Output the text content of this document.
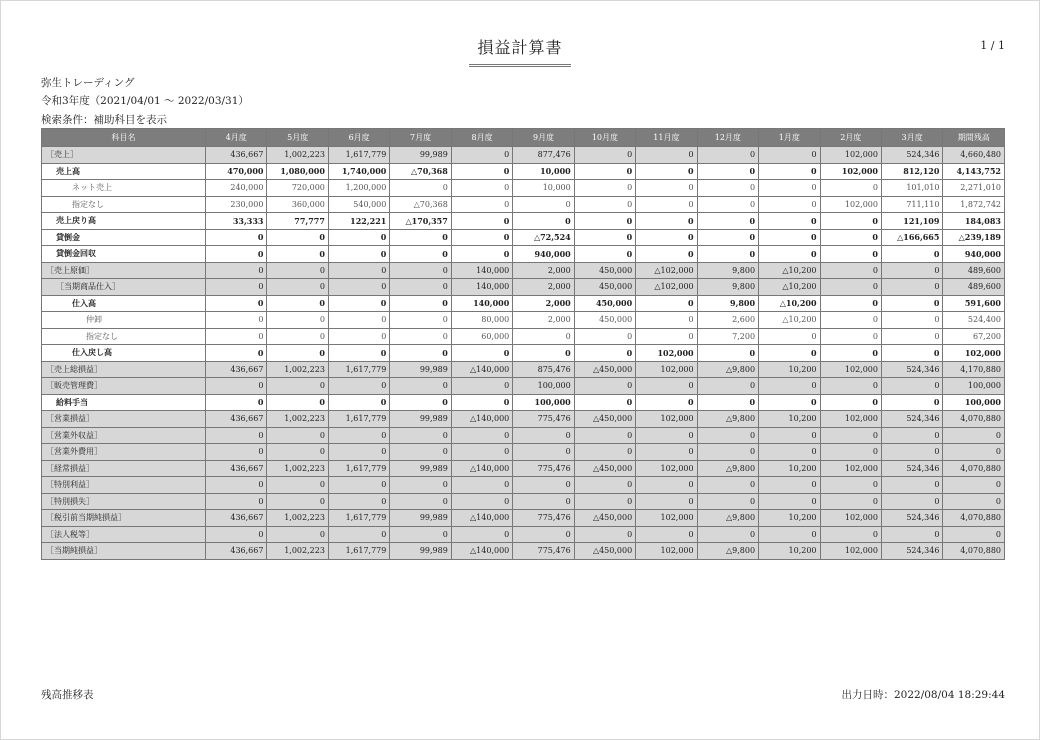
損益計算書	1 / 1
弥生トレーディング
令和3年度（2021/04/01 ～ 2022/03/31）
検索条件：補助科目を表示
科目名	4月度	5月度	6月度	7月度	8月度	9月度	10月度	11月度	12月度	1月度	2月度	3月度	期間残高
［売上］	436,667	1,002,223	1,617,779	99,989	0	877,476	0	0	0	0	102,000	524,346	4,660,480
売上高	470,000	1,080,000	1,740,000	△70,368	0	10,000	0	0	0	0	102,000	812,120	4,143,752
ネット売上	240,000	720,000	1,200,000	0	0	10,000	0	0	0	0	0	101,010	2,271,010
指定なし	230,000	360,000	540,000	△70,368	0	0	0	0	0	0	102,000	711,110	1,872,742
売上戻り高	33,333	77,777	122,221	△170,357	0	0	0	0	0	0	0	121,109	184,083
貸倒金	0	0	0	0	0	△72,524	0	0	0	0	0	△166,665	△239,189
貸倒金回収	0	0	0	0	0	940,000	0	0	0	0	0	0	940,000
［売上原価］	0	0	0	0	140,000	2,000	450,000	△102,000	9,800	△10,200	0	0	489,600
［当期商品仕入］	0	0	0	0	140,000	2,000	450,000	△102,000	9,800	△10,200	0	0	489,600
仕入高	0	0	0	0	140,000	2,000	450,000	0	9,800	△10,200	0	0	591,600
仲卸	0	0	0	0	80,000	2,000	450,000	0	2,600	△10,200	0	0	524,400
指定なし	0	0	0	0	60,000	0	0	0	7,200	0	0	0	67,200
仕入戻し高	0	0	0	0	0	0	0	102,000	0	0	0	0	102,000
［売上総損益］	436,667	1,002,223	1,617,779	99,989	△140,000	875,476	△450,000	102,000	△9,800	10,200	102,000	524,346	4,170,880
［販売管理費］	0	0	0	0	0	100,000	0	0	0	0	0	0	100,000
給料手当	0	0	0	0	0	100,000	0	0	0	0	0	0	100,000
［営業損益］	436,667	1,002,223	1,617,779	99,989	△140,000	775,476	△450,000	102,000	△9,800	10,200	102,000	524,346	4,070,880
［営業外収益］	0	0	0	0	0	0	0	0	0	0	0	0	0
［営業外費用］	0	0	0	0	0	0	0	0	0	0	0	0	0
［経常損益］	436,667	1,002,223	1,617,779	99,989	△140,000	775,476	△450,000	102,000	△9,800	10,200	102,000	524,346	4,070,880
［特別利益］	0	0	0	0	0	0	0	0	0	0	0	0	0
［特別損失］	0	0	0	0	0	0	0	0	0	0	0	0	0
［税引前当期純損益］	436,667	1,002,223	1,617,779	99,989	△140,000	775,476	△450,000	102,000	△9,800	10,200	102,000	524,346	4,070,880
［法人税等］	0	0	0	0	0	0	0	0	0	0	0	0	0
［当期純損益］	436,667	1,002,223	1,617,779	99,989	△140,000	775,476	△450,000	102,000	△9,800	10,200	102,000	524,346	4,070,880
残高推移表	出力日時：2022/08/04 18:29:44
